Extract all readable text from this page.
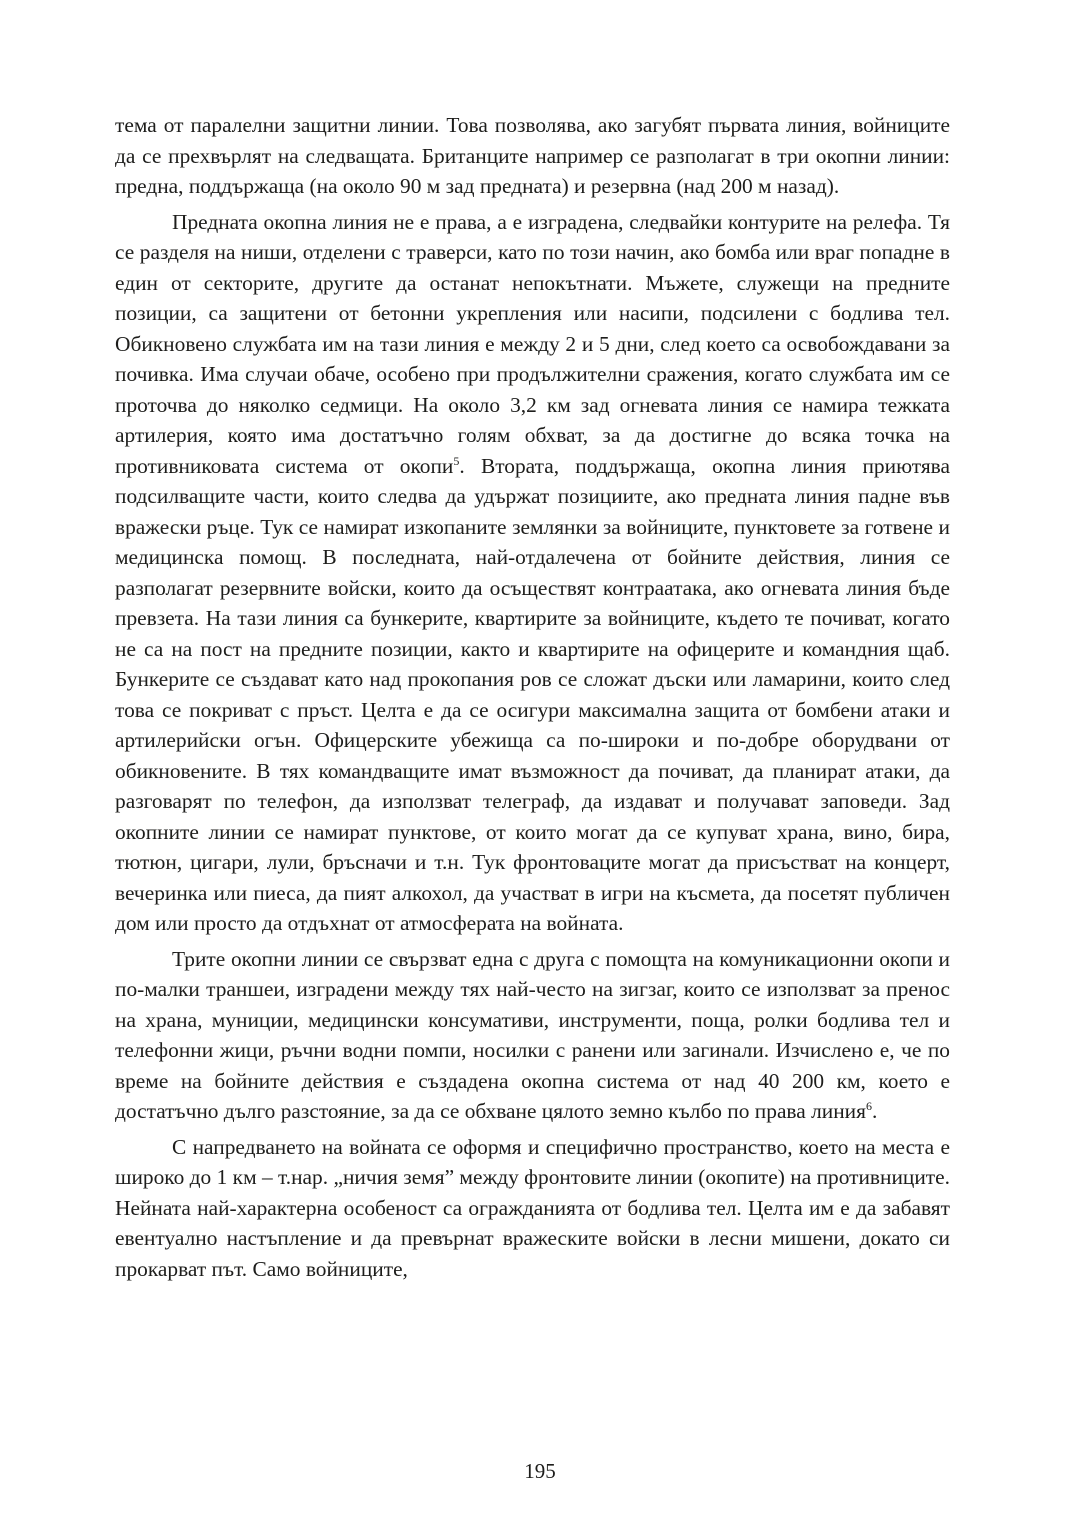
тема от паралелни защитни линии. Това позволява, ако загубят първата линия, войниците да се прехвърлят на следващата. Британците например се разполагат в три окопни линии: предна, поддържаща (на около 90 м зад предната) и резервна (над 200 м назад).

Предната окопна линия не е права, а е изградена, следвайки контурите на релефа. Тя се разделя на ниши, отделени с траверси, като по този начин, ако бомба или враг попадне в един от секторите, другите да останат непокътнати. Мъжете, служещи на предните позиции, са защитени от бетонни укрепления или насипи, подсилени с бодлива тел. Обикновено службата им на тази линия е между 2 и 5 дни, след което са освобождавани за почивка. Има случаи обаче, особено при продължителни сражения, когато службата им се проточва до няколко седмици. На около 3,2 км зад огневата линия се намира тежката артилерия, която има достатъчно голям обхват, за да достигне до всяка точка на противниковата система от окопи$^5$. Втората, поддържаща, окопна линия приютява подсилващите части, които следва да удържат позициите, ако предната линия падне във вражески ръце. Тук се намират изкопаните землянки за войниците, пунктовете за готвене и медицинска помощ. В последната, най-отдалечена от бойните действия, линия се разполагат резервните войски, които да осъществят контраатака, ако огневата линия бъде превзета. На тази линия са бункерите, квартирите за войниците, където те почиват, когато не са на пост на предните позиции, както и квартирите на офицерите и командния щаб. Бункерите се създават като над прокопания ров се сложат дъски или ламарини, които след това се покриват с пръст. Целта е да се осигури максимална защита от бомбени атаки и артилерийски огън. Офицерските убежища са по-широки и по-добре оборудвани от обикновените. В тях командващите имат възможност да почиват, да планират атаки, да разговарят по телефон, да използват телеграф, да издават и получават заповеди. Зад окопните линии се намират пунктове, от които могат да се купуват храна, вино, бира, тютюн, цигари, лули, бръсначи и т.н. Тук фронтоваците могат да присъстват на концерт, вечеринка или пиеса, да пият алкохол, да участват в игри на късмета, да посетят публичен дом или просто да отдъхнат от атмосферата на войната.

Трите окопни линии се свързват една с друга с помощта на комуникационни окопи и по-малки траншеи, изградени между тях най-често на зигзаг, които се използват за пренос на храна, муниции, медицински консумативи, инструменти, поща, ролки бодлива тел и телефонни жици, ръчни водни помпи, носилки с ранени или загинали. Изчислено е, че по време на бойните действия е създадена окопна система от над 40 200 км, което е достатъчно дълго разстояние, за да се обхване цялото земно кълбо по права линия$^6$.

С напредването на войната се оформя и специфично пространство, което на места е широко до 1 км – т.нар. „ничия земя” между фронтовите линии (окопите) на противниците. Нейната най-характерна особеност са огражданията от бодлива тел. Целта им е да забавят евентуално настъпление и да превърнат вражеските войски в лесни мишени, докато си прокарват път. Само войниците,

195
